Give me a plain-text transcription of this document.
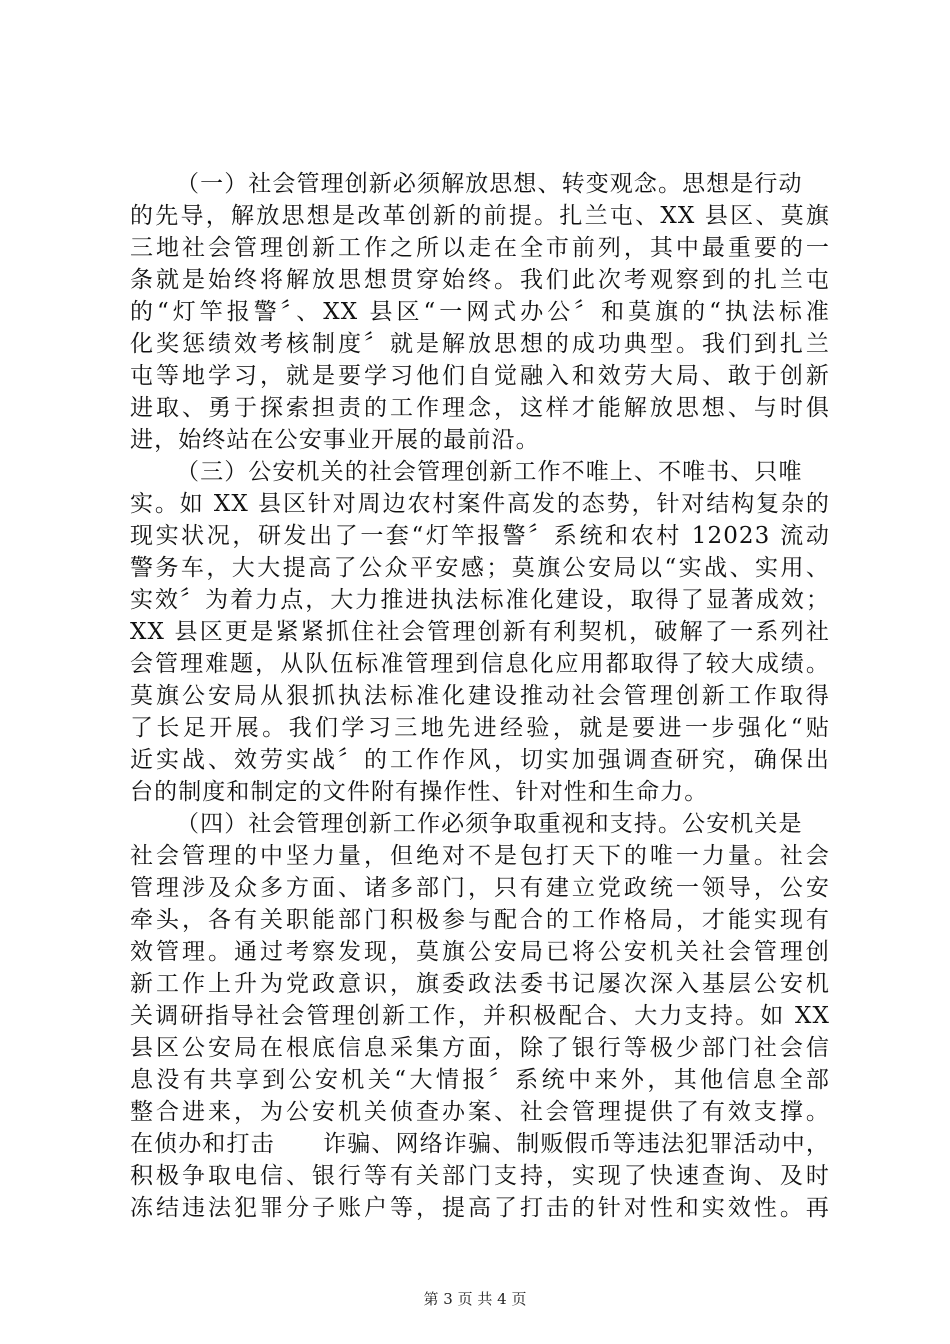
（一）社会管理创新必须解放思想、转变观念。思想是行动
的先导，解放思想是改革创新的前提。扎兰屯、XX 县区、莫旗
三地社会管理创新工作之所以走在全市前列，其中最重要的一
条就是始终将解放思想贯穿始终。我们此次考观察到的扎兰屯
的“灯竿报警〞、XX 县区“一网式办公〞和莫旗的“执法标准
化奖惩绩效考核制度〞就是解放思想的成功典型。我们到扎兰
屯等地学习，就是要学习他们自觉融入和效劳大局、敢于创新
进取、勇于探索担责的工作理念，这样才能解放思想、与时俱
进，始终站在公安事业开展的最前沿。
（三）公安机关的社会管理创新工作不唯上、不唯书、只唯
实。如 XX 县区针对周边农村案件高发的态势，针对结构复杂的
现实状况，研发出了一套“灯竿报警〞系统和农村 12023 流动
警务车，大大提高了公众平安感；莫旗公安局以“实战、实用、
实效〞为着力点，大力推进执法标准化建设，取得了显著成效；
XX 县区更是紧紧抓住社会管理创新有利契机，破解了一系列社
会管理难题，从队伍标准管理到信息化应用都取得了较大成绩。
莫旗公安局从狠抓执法标准化建设推动社会管理创新工作取得
了长足开展。我们学习三地先进经验，就是要进一步强化“贴
近实战、效劳实战〞的工作作风，切实加强调查研究，确保出
台的制度和制定的文件附有操作性、针对性和生命力。
（四）社会管理创新工作必须争取重视和支持。公安机关是
社会管理的中坚力量，但绝对不是包打天下的唯一力量。社会
管理涉及众多方面、诸多部门，只有建立党政统一领导，公安
牵头，各有关职能部门积极参与配合的工作格局，才能实现有
效管理。通过考察发现，莫旗公安局已将公安机关社会管理创
新工作上升为党政意识，旗委政法委书记屡次深入基层公安机
关调研指导社会管理创新工作，并积极配合、大力支持。如 XX
县区公安局在根底信息采集方面，除了银行等极少部门社会信
息没有共享到公安机关“大情报〞系统中来外，其他信息全部
整合进来，为公安机关侦查办案、社会管理提供了有效支撑。
在侦办和打击　　诈骗、网络诈骗、制贩假币等违法犯罪活动中，
积极争取电信、银行等有关部门支持，实现了快速查询、及时
冻结违法犯罪分子账户等，提高了打击的针对性和实效性。再
第 3 页 共 4 页
